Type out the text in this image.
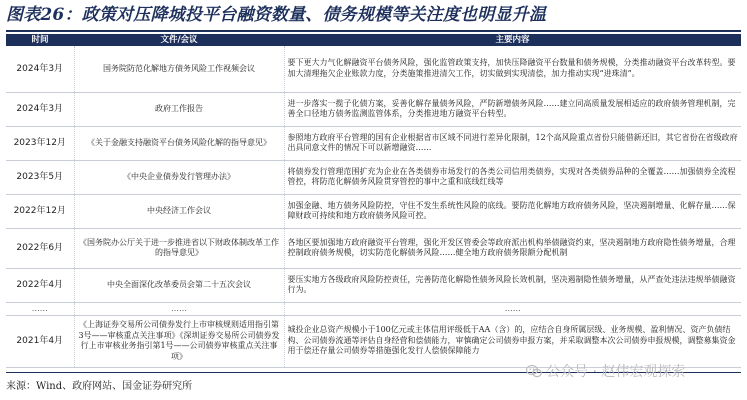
图表26：政策对压降城投平台融资数量、债务规模等关注度也明显升温
时间	文件/会议	主要内容
2024年3月	国务院防范化解地方债务风险工作视频会议	要下更大力气化解融资平台债务风险，强化监管政策支持，加快压降融资平台数量和债务规模，分类推动融资平台改革转型。要加大清理拖欠企业账款力度，分类施策推进清欠工作，切实做到实现清偿，加力推动实现“进珠清”。
2024年3月	政府工作报告	进一步落实一揽子化债方案，妥善化解存量债务风险，严防新增债务风险……建立同高质量发展相适应的政府债务管理机制，完善全口径地方债务监测监管体系，分类推进地方融资平台转型。
2023年12月	《关于金融支持融资平台债务风险化解的指导意见》	参照地方政府平台管理的国有企业根据省市区域不同进行差异化限制，12个高风险重点省份只能借新还旧，其它省份在省级政府出具同意文件的情况下可以新增融资……
2023年5月	《中央企业债券发行管理办法》	将债券发行管理范围扩充为企业在各类债券市场发行的各类公司信用类债券，实现对各类债券品种的全覆盖……加强债券全流程管控，将防范化解债务风险贯穿管控的事中之重和底线红线等
2022年12月	中央经济工作会议	加强金融、地方债务风险防控，守住不发生系统性风险的底线。要防范化解地方政府债务风险，坚决遏制增量、化解存量……保障财政可持续和地方政府债务风险可控。
2022年6月	《国务院办公厅关于进一步推进省以下财政体制改革工作的指导意见》	各地区要加强地方政府融资平台管理，强化开发区管委会等政府派出机构举债融资约束，坚决遏制地方政府隐性债务增量，合理控制政府债务规模，切实防范化解债务风险……健全地方政府债务限额分配机制
2022年4月	中央全面深化改革委员会第二十五次会议	要压实地方各级政府风险防控责任，完善防范化解隐性债务风险长效机制，坚决遏制隐性债务增量，从严查处违法违规举债融资行为。
……	……	……
2021年4月	《上海证券交易所公司债券发行上市审核规则适用指引第3号——审核重点关注事项》《深圳证券交易所公司债券发行上市审核业务指引第1号——公司债券审核重点关注事项》	城投企业总资产规模小于100亿元或主体信用评级低于AA（含）的，应结合自身所属层级、业务规模、盈利情况、资产负债结构、公司债券流通等评估自身经营和偿债能力，审慎确定公司债券申报方案，并采取调整本次公司债券申报规模，调整募集资金用于偿还存量公司债券等措施强化发行人偿债保障能力
来源：Wind、政府网站、国金证券研究所
公众号 · 赵伟宏观探索
